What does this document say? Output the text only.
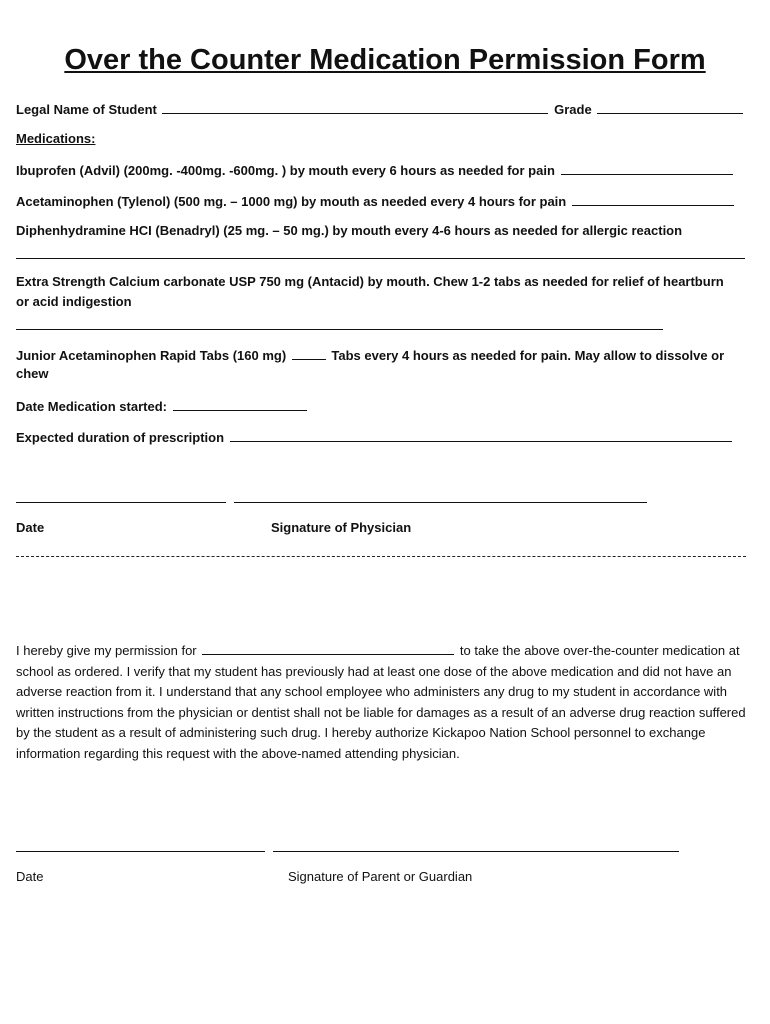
Over the Counter Medication Permission Form
Legal Name of Student	Grade
Medications:
Ibuprofen (Advil) (200mg. -400mg. -600mg. ) by mouth every 6 hours as needed for pain
Acetaminophen (Tylenol) (500 mg. – 1000 mg) by mouth as needed every 4 hours for pain
Diphenhydramine HCI (Benadryl) (25 mg. – 50 mg.) by mouth every 4-6 hours as needed for allergic reaction
Extra Strength Calcium carbonate USP 750 mg (Antacid) by mouth. Chew 1-2 tabs as needed for relief of heartburn
or acid indigestion
Junior Acetaminophen Rapid Tabs (160 mg)	Tabs every 4 hours as needed for pain. May allow to dissolve or
chew
Date Medication started:
Expected duration of prescription
Date	Signature of Physician
I hereby give my permission for	to take the above over-the-counter medication at school as ordered. I verify that my student has previously had at least one dose of the above medication and did not have an adverse reaction from it. I understand that any school employee who administers any drug to my student in accordance with written instructions from the physician or dentist shall not be liable for damages as a result of an adverse drug reaction suffered by the student as a result of administering such drug. I hereby authorize Kickapoo Nation School personnel to exchange information regarding this request with the above-named attending physician.
Date	Signature of Parent or Guardian
